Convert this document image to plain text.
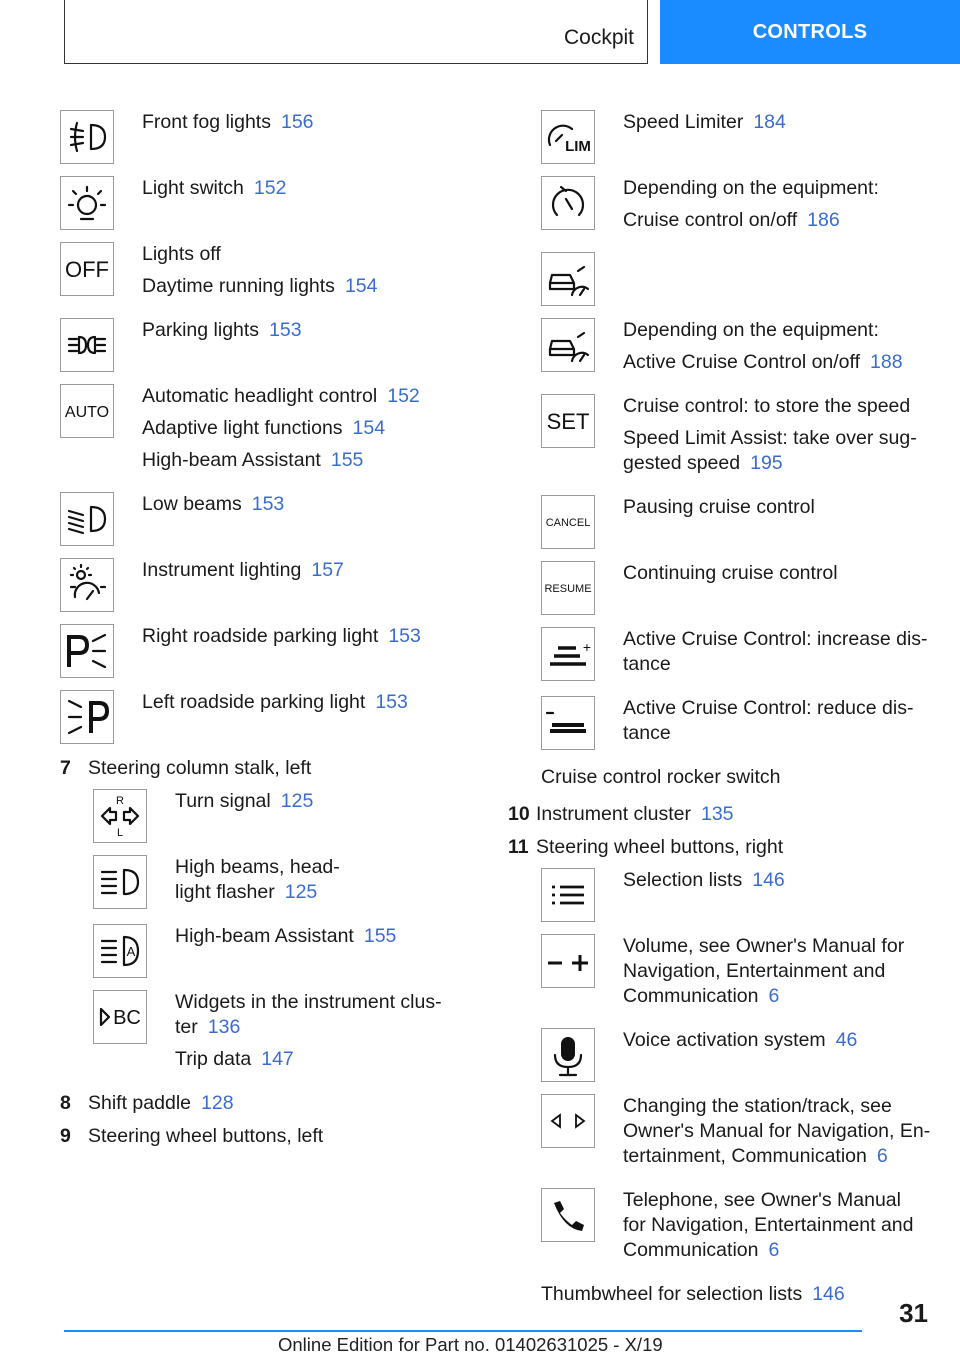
Cockpit	CONTROLS
Front fog lights 156
Light switch 152
OFF
Lights off
Daytime running lights 154
Parking lights 153
AUTO
Automatic headlight control 152
Adaptive light functions 154
High-beam Assistant 155
Low beams 153
Instrument lighting 157
Right roadside parking light 153
Left roadside parking light 153
7 Steering column stalk, left
R
L
Turn signal 125
High beams, head-
light flasher 125
A
High-beam Assistant 155
BC
Widgets in the instrument clus-
ter 136
Trip data 147
8 Shift paddle 128
9 Steering wheel buttons, left
LIM
Speed Limiter 184
Depending on the equipment:
Cruise control on/off 186
Depending on the equipment:
Active Cruise Control on/off 188
SET
Cruise control: to store the speed
Speed Limit Assist: take over sug-
gested speed 195
CANCEL
Pausing cruise control
RESUME
Continuing cruise control
+ Active Cruise Control: increase dis-
tance
Active Cruise Control: reduce dis-
tance
Cruise control rocker switch
10 Instrument cluster 135
11 Steering wheel buttons, right
Selection lists 146
Volume, see Owner's Manual for
Navigation, Entertainment and
Communication 6
Voice activation system 46
Changing the station/track, see
Owner's Manual for Navigation, En-
tertainment, Communication 6
Telephone, see Owner's Manual
for Navigation, Entertainment and
Communication 6
Thumbwheel for selection lists 146
31
Online Edition for Part no. 01402631025 - X/19
